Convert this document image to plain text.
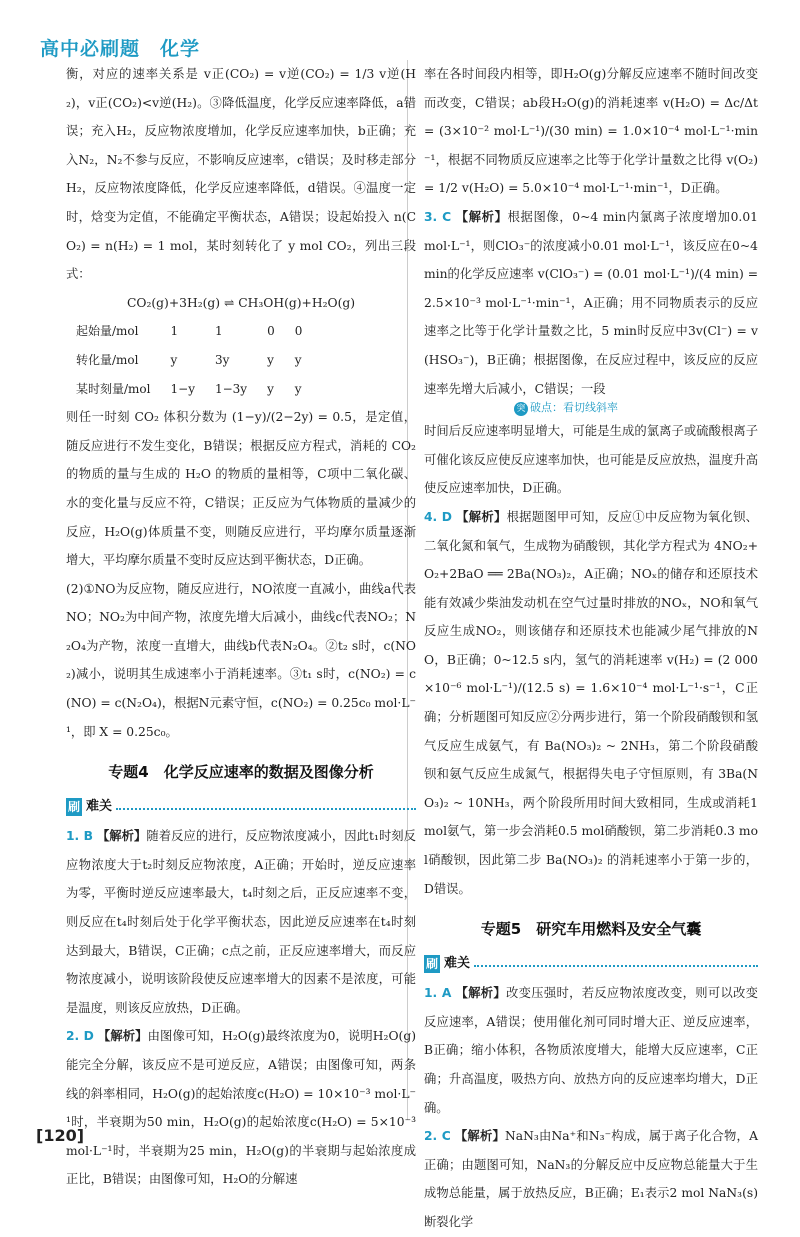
高中必刷题　化学

衡，对应的速率关系是 v正(CO₂) = v逆(CO₂) = 1/3 v逆(H₂)，v正(CO₂)<v逆(H₂)。③降低温度，化学反应速率降低，a错误；充入H₂，反应物浓度增加，化学反应速率加快，b正确；充入N₂，N₂不参与反应，不影响反应速率，c错误；及时移走部分H₂，反应物浓度降低，化学反应速率降低，d错误。④温度一定时，焓变为定值，不能确定平衡状态，A错误；设起始投入 n(CO₂) = n(H₂) = 1 mol，某时刻转化了 y mol CO₂，列出三段式：

CO₂(g)+3H₂(g) ⇌ CH₃OH(g)+H₂O(g)

起始量/mol	1	1	0	0
转化量/mol	y	3y	y	y
某时刻量/mol	1−y	1−3y	y	y

则任一时刻 CO₂ 体积分数为 (1−y)/(2−2y) = 0.5，是定值，随反应进行不发生变化，B错误；根据反应方程式，消耗的 CO₂ 的物质的量与生成的 H₂O 的物质的量相等，C项中二氧化碳、水的变化量与反应不符，C错误；正反应为气体物质的量减少的反应，H₂O(g)体质量不变，则随反应进行，平均摩尔质量逐渐增大，平均摩尔质量不变时反应达到平衡状态，D正确。

(2)①NO为反应物，随反应进行，NO浓度一直减小，曲线a代表NO；NO₂为中间产物，浓度先增大后减小，曲线c代表NO₂；N₂O₄为产物，浓度一直增大，曲线b代表N₂O₄。②t₂ s时，c(NO₂)减小，说明其生成速率小于消耗速率。③t₁ s时，c(NO₂) = c(NO) = c(N₂O₄)，根据N元素守恒，c(NO₂) = 0.25c₀ mol·L⁻¹，即 X = 0.25c₀。

专题4　化学反应速率的数据及图像分析
刷 难关

1. B 【解析】随着反应的进行，反应物浓度减小，因此t₁时刻反应物浓度大于t₂时刻反应物浓度，A正确；开始时，逆反应速率为零，平衡时逆反应速率最大，t₄时刻之后，正反应速率不变，则反应在t₄时刻后处于化学平衡状态，因此逆反应速率在t₄时刻达到最大，B错误，C正确；c点之前，正反应速率增大，而反应物浓度减小，说明该阶段使反应速率增大的因素不是浓度，可能是温度，则该反应放热，D正确。

2. D 【解析】由图像可知，H₂O(g)最终浓度为0，说明H₂O(g)能完全分解，该反应不是可逆反应，A错误；由图像可知，两条线的斜率相同，H₂O(g)的起始浓度c(H₂O) = 10×10⁻³ mol·L⁻¹时，半衰期为50 min，H₂O(g)的起始浓度c(H₂O) = 5×10⁻³ mol·L⁻¹时，半衰期为25 min，H₂O(g)的半衰期与起始浓度成正比，B错误；由图像可知，H₂O的分解速

率在各时间段内相等，即H₂O(g)分解反应速率不随时间改变而改变，C错误；ab段H₂O(g)的消耗速率 v(H₂O) = Δc/Δt = (3×10⁻² mol·L⁻¹)/(30 min) = 1.0×10⁻⁴ mol·L⁻¹·min⁻¹，根据不同物质反应速率之比等于化学计量数之比得 v(O₂) = 1/2 v(H₂O) = 5.0×10⁻⁴ mol·L⁻¹·min⁻¹，D正确。

3. C 【解析】根据图像，0~4 min内氯离子浓度增加0.01 mol·L⁻¹，则ClO₃⁻的浓度减小0.01 mol·L⁻¹，该反应在0~4 min的化学反应速率 v(ClO₃⁻) = (0.01 mol·L⁻¹)/(4 min) = 2.5×10⁻³ mol·L⁻¹·min⁻¹，A正确；用不同物质表示的反应速率之比等于化学计量数之比，5 min时反应中3v(Cl⁻) = v(HSO₃⁻)，B正确；根据图像，在反应过程中，该反应的反应速率先增大后减小，C错误；一段

突 破点：看切线斜率

时间后反应速率明显增大，可能是生成的氯离子或硫酸根离子可催化该反应使反应速率加快，也可能是反应放热，温度升高使反应速率加快，D正确。

4. D 【解析】根据题图甲可知，反应①中反应物为氧化钡、二氧化氮和氧气，生成物为硝酸钡，其化学方程式为 4NO₂+O₂+2BaO ══ 2Ba(NO₃)₂，A正确；NOₓ的储存和还原技术能有效减少柴油发动机在空气过量时排放的NOₓ，NO和氧气反应生成NO₂，则该储存和还原技术也能减少尾气排放的NO，B正确；0~12.5 s内，氢气的消耗速率 v(H₂) = (2 000×10⁻⁶ mol·L⁻¹)/(12.5 s) = 1.6×10⁻⁴ mol·L⁻¹·s⁻¹，C正确；分析题图可知反应②分两步进行，第一个阶段硝酸钡和氢气反应生成氨气，有 Ba(NO₃)₂ ~ 2NH₃，第二个阶段硝酸钡和氨气反应生成氮气，根据得失电子守恒原则，有 3Ba(NO₃)₂ ~ 10NH₃，两个阶段所用时间大致相同，生成或消耗1 mol氨气，第一步会消耗0.5 mol硝酸钡，第二步消耗0.3 mol硝酸钡，因此第二步 Ba(NO₃)₂ 的消耗速率小于第一步的，D错误。

专题5　研究车用燃料及安全气囊
刷 难关

1. A 【解析】改变压强时，若反应物浓度改变，则可以改变反应速率，A错误；使用催化剂可同时增大正、逆反应速率，B正确；缩小体积，各物质浓度增大，能增大反应速率，C正确；升高温度，吸热方向、放热方向的反应速率均增大，D正确。

2. C 【解析】NaN₃由Na⁺和N₃⁻构成，属于离子化合物，A正确；由题图可知，NaN₃的分解反应中反应物总能量大于生成物总能量，属于放热反应，B正确；E₁表示2 mol NaN₃(s)断裂化学

[120]
